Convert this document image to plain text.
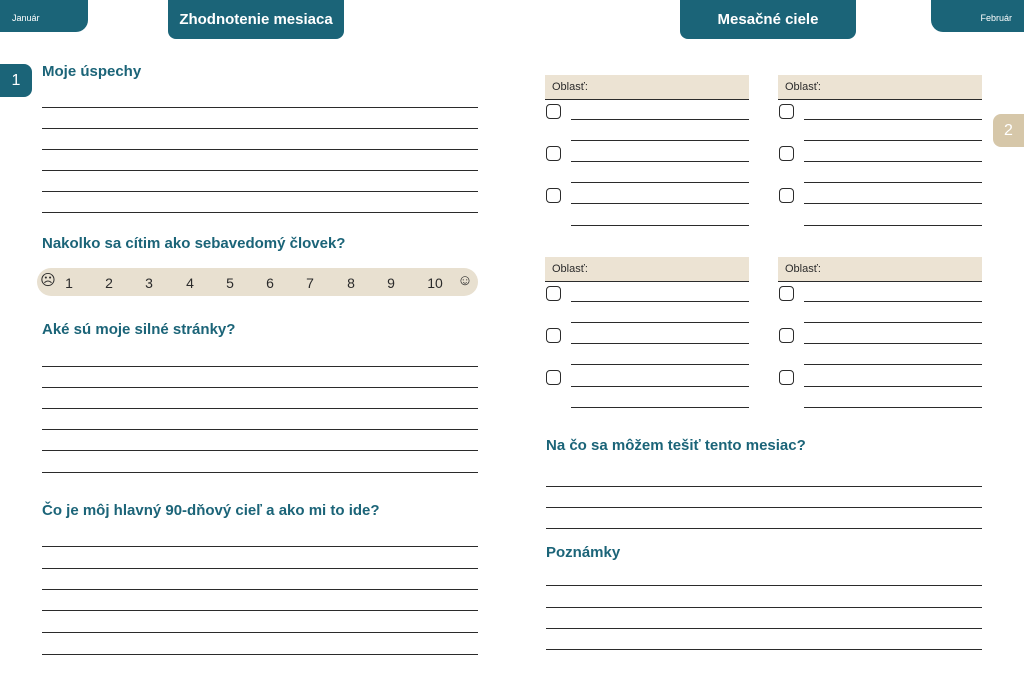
Január	Zhodnotenie mesiaca	Mesačné ciele	Február
1
2
Moje úspechy
Nakolko sa cítim ako sebavedomý človek?
☹ 1	2	3	4	5	6	7	8	9	10 ☺
Aké sú moje silné stránky?
Čo je môj hlavný 90-dňový cieľ a ako mi to ide?
Oblasť:	Oblasť:
Oblasť:	Oblasť:
Na čo sa môžem tešiť tento mesiac?
Poznámky
